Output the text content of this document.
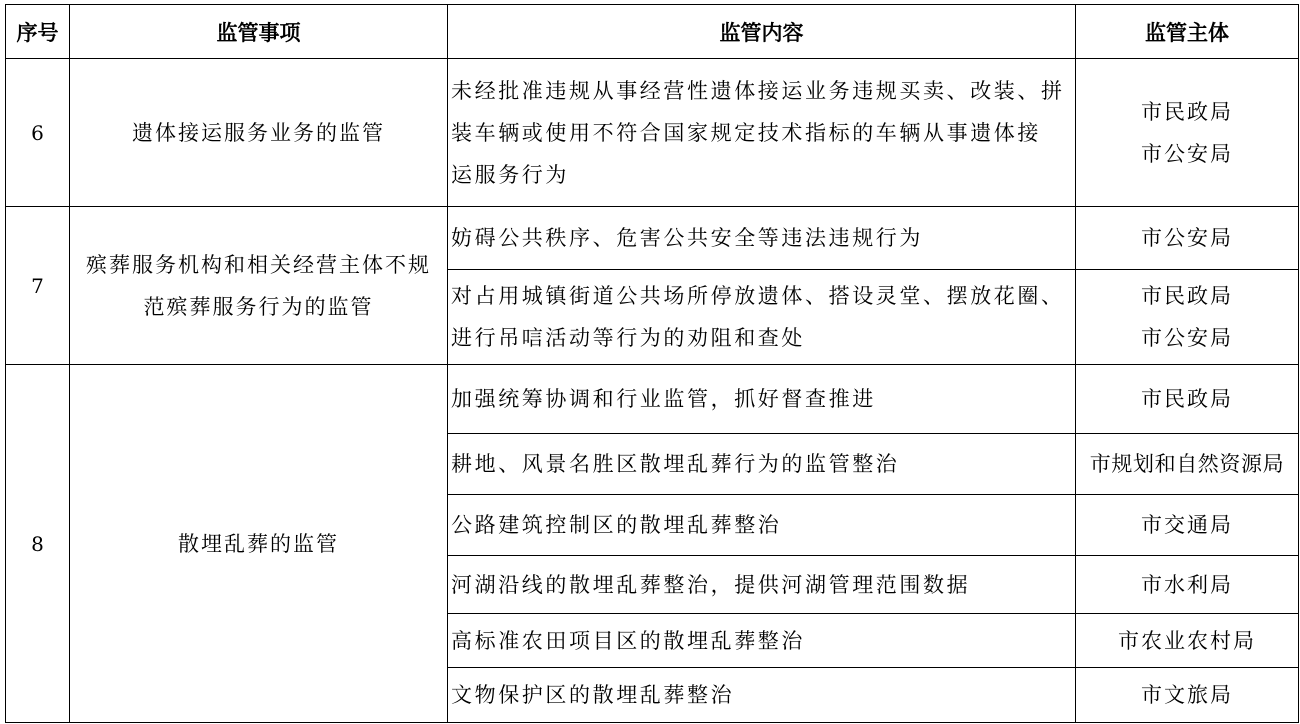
序号	监管事项	监管内容	监管主体
6	遗体接运服务业务的监管	未经批准违规从事经营性遗体接运业务违规买卖、改装、拼
装车辆或使用不符合国家规定技术指标的车辆从事遗体接
运服务行为	市民政局
市公安局

7	殡葬服务机构和相关经营主体不规
范殡葬服务行为的监管	妨碍公共秩序、危害公共安全等违法违规行为	市公安局

		对占用城镇街道公共场所停放遗体、搭设灵堂、摆放花圈、
进行吊唁活动等行为的劝阻和查处	市民政局
市公安局

8	散埋乱葬的监管	加强统筹协调和行业监管，抓好督查推进	市民政局

		耕地、风景名胜区散埋乱葬行为的监管整治	市规划和自然资源局

		公路建筑控制区的散埋乱葬整治	市交通局

		河湖沿线的散埋乱葬整治，提供河湖管理范围数据	市水利局

		高标准农田项目区的散埋乱葬整治	市农业农村局

		文物保护区的散埋乱葬整治	市文旅局
